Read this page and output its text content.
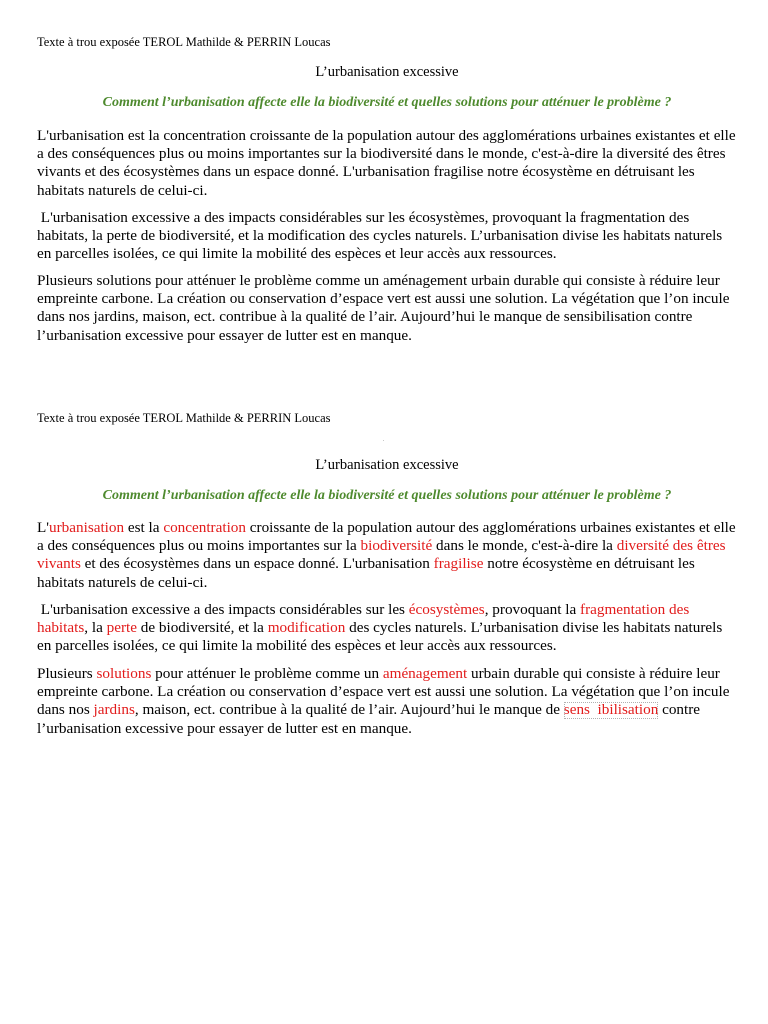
Texte à trou exposée TEROL Mathilde & PERRIN Loucas

L’urbanisation excessive

Comment l’urbanisation affecte elle la biodiversité et quelles solutions pour atténuer le problème ?

L'urbanisation est la concentration croissante de la population autour des agglomérations urbaines existantes et elle a des conséquences plus ou moins importantes sur la biodiversité dans le monde, c'est-à-dire la diversité des êtres vivants et des écosystèmes dans un espace donné. L'urbanisation fragilise notre écosystème en détruisant les habitats naturels de celui-ci.

L'urbanisation excessive a des impacts considérables sur les écosystèmes, provoquant la fragmentation des habitats, la perte de biodiversité, et la modification des cycles naturels. L’urbanisation divise les habitats naturels en parcelles isolées, ce qui limite la mobilité des espèces et leur accès aux ressources.

Plusieurs solutions pour atténuer le problème comme un aménagement urbain durable qui consiste à réduire leur empreinte carbone. La création ou conservation d’espace vert est aussi une solution. La végétation que l’on incule dans nos jardins, maison, ect. contribue à la qualité de l’air. Aujourd’hui le manque de sensibilisation contre l’urbanisation excessive pour essayer de lutter est en manque.

Texte à trou exposée TEROL Mathilde & PERRIN Loucas

L’urbanisation excessive

Comment l’urbanisation affecte elle la biodiversité et quelles solutions pour atténuer le problème ?

L'urbanisation est la concentration croissante de la population autour des agglomérations urbaines existantes et elle a des conséquences plus ou moins importantes sur la biodiversité dans le monde, c'est-à-dire la diversité des êtres vivants et des écosystèmes dans un espace donné. L'urbanisation fragilise notre écosystème en détruisant les habitats naturels de celui-ci.

L'urbanisation excessive a des impacts considérables sur les écosystèmes, provoquant la fragmentation des habitats, la perte de biodiversité, et la modification des cycles naturels. L’urbanisation divise les habitats naturels en parcelles isolées, ce qui limite la mobilité des espèces et leur accès aux ressources.

Plusieurs solutions pour atténuer le problème comme un aménagement urbain durable qui consiste à réduire leur empreinte carbone. La création ou conservation d’espace vert est aussi une solution. La végétation que l’on incule dans nos jardins, maison, ect. contribue à la qualité de l’air. Aujourd’hui le manque de sens  ibilisation contre l’urbanisation excessive pour essayer de lutter est en manque.
